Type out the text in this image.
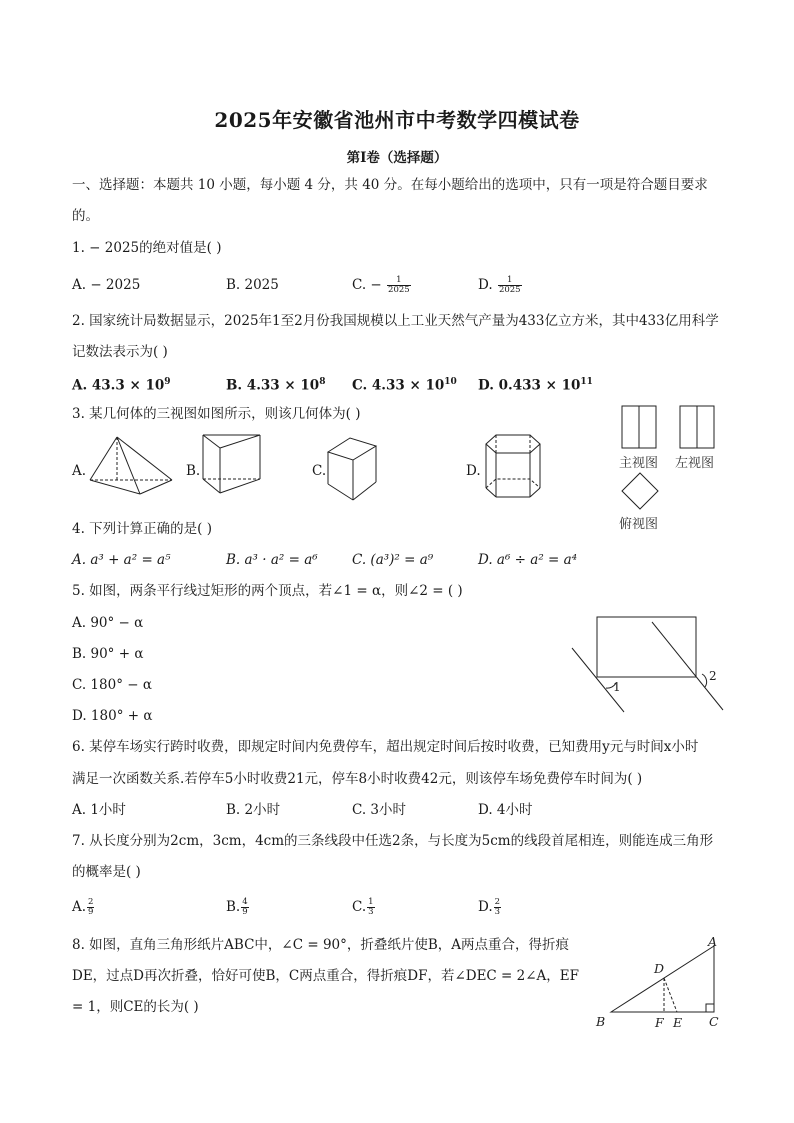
2025年安徽省池州市中考数学四模试卷
第Ⅰ卷（选择题）
一、选择题：本题共 10 小题，每小题 4 分，共 40 分。在每小题给出的选项中，只有一项是符合题目要求
的。
1. − 2025的绝对值是( )
A. − 2025	B. 2025	C. − $\frac{1}{2025}$	D. $\frac{1}{2025}$
2. 国家统计局数据显示，2025年1至2月份我国规模以上工业天然气产量为433亿立方米，其中433亿用科学
记数法表示为( )
A. $43.3 \times 10^9$	B. $4.33 \times 10^8$ C. $4.33 \times 10^{10}$ D. $0.433 \times 10^{11}$
3. 某几何体的三视图如图所示，则该几何体为( )
A.	B.	C.	D.	主视图 左视图
俯视图
4. 下列计算正确的是( )
A. a³ + a² = a⁵	B. a³ · a² = a⁶	C. (a³)² = a⁹	D. a⁶ ÷ a² = a⁴
5. 如图，两条平行线过矩形的两个顶点，若∠1 = α，则∠2 = ( )
A. 90° − α
B. 90° + α
C. 180° − α
D. 180° + α
1
2
6. 某停车场实行跨时收费，即规定时间内免费停车，超出规定时间后按时收费，已知费用y元与时间x小时
满足一次函数关系.若停车5小时收费21元，停车8小时收费42元，则该停车场免费停车时间为( )
A. 1小时	B. 2小时	C. 3小时	D. 4小时
7. 从长度分别为2cm，3cm，4cm的三条线段中任选2条，与长度为5cm的线段首尾相连，则能连成三角形
的概率是( )
A. $\frac{2}{9}$	B. $\frac{4}{9}$	C. $\frac{1}{3}$	D. $\frac{2}{3}$
8. 如图，直角三角形纸片ABC中，∠C = 90°，折叠纸片使B，A两点重合，得折痕
DE，过点D再次折叠，恰好可使B，C两点重合，得折痕DF，若∠DEC = 2∠A，EF
= 1，则CE的长为( )
A
B	C
D
E
F
